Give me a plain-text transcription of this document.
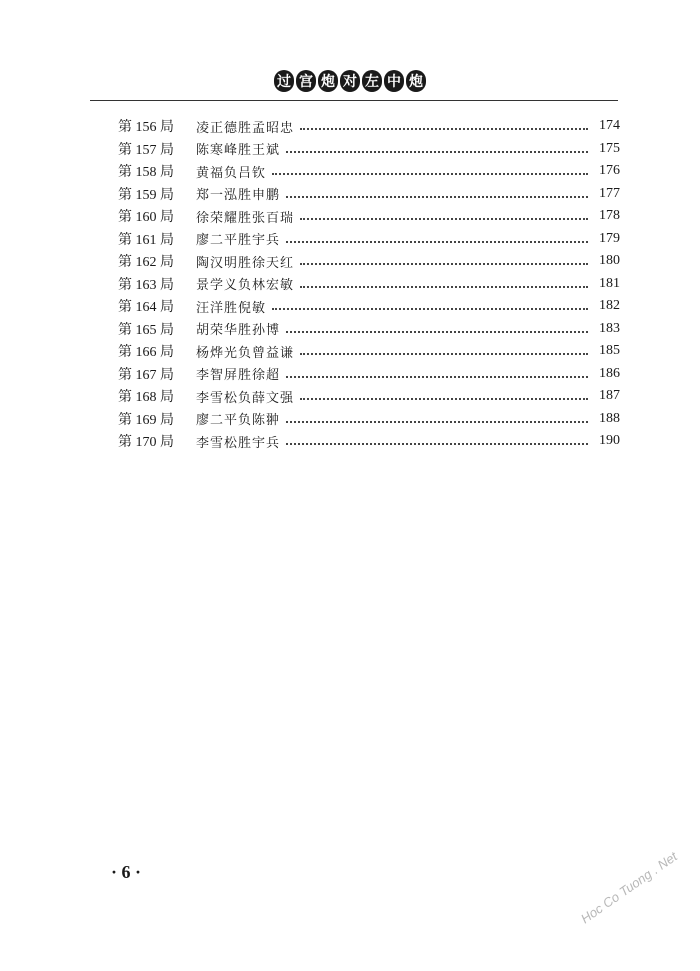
过 宫 炮 对 左 中 炮
第 156 局	凌正德胜孟昭忠	174
第 157 局	陈寒峰胜王斌	175
第 158 局	黄福负吕钦	176
第 159 局	郑一泓胜申鹏	177
第 160 局	徐荣耀胜张百瑞	178
第 161 局	廖二平胜宇兵	179
第 162 局	陶汉明胜徐天红	180
第 163 局	景学义负林宏敏	181
第 164 局	汪洋胜倪敏	182
第 165 局	胡荣华胜孙博	183
第 166 局	杨烨光负曾益谦	185
第 167 局	李智屏胜徐超	186
第 168 局	李雪松负薛文强	187
第 169 局	廖二平负陈翀	188
第 170 局	李雪松胜宇兵	190
· 6 ·	Hoc Co Tuong . Net
